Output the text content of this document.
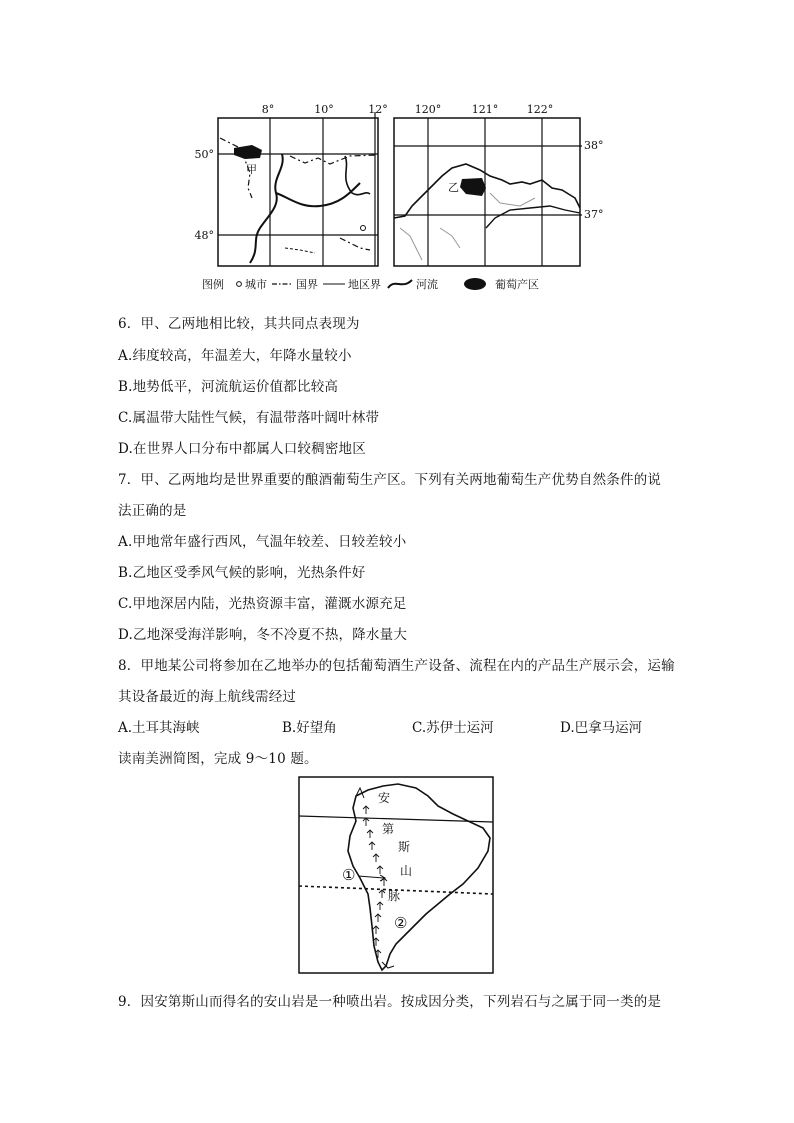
甲
8°	10°	12°
50°
48°
乙
120°	121°	122°
38°
37°
图例 城市	国界	地区界	河流	葡萄产区
6．甲、乙两地相比较，其共同点表现为
A.纬度较高，年温差大，年降水量较小
B.地势低平，河流航运价值都比较高
C.属温带大陆性气候，有温带落叶阔叶林带
D.在世界人口分布中都属人口较稠密地区
7．甲、乙两地均是世界重要的酿酒葡萄生产区。下列有关两地葡萄生产优势自然条件的说
法正确的是
A.甲地常年盛行西风，气温年较差、日较差较小
B.乙地区受季风气候的影响，光热条件好
C.甲地深居内陆，光热资源丰富，灌溉水源充足
D.乙地深受海洋影响，冬不冷夏不热，降水量大
8．甲地某公司将参加在乙地举办的包括葡萄酒生产设备、流程在内的产品生产展示会，运输
其设备最近的海上航线需经过
A.土耳其海峡	B.好望角	C.苏伊士运河	D.巴拿马运河
读南美洲简图，完成 9～10 题。
安
第
斯
山
脉
①
②
9．因安第斯山而得名的安山岩是一种喷出岩。按成因分类，下列岩石与之属于同一类的是
